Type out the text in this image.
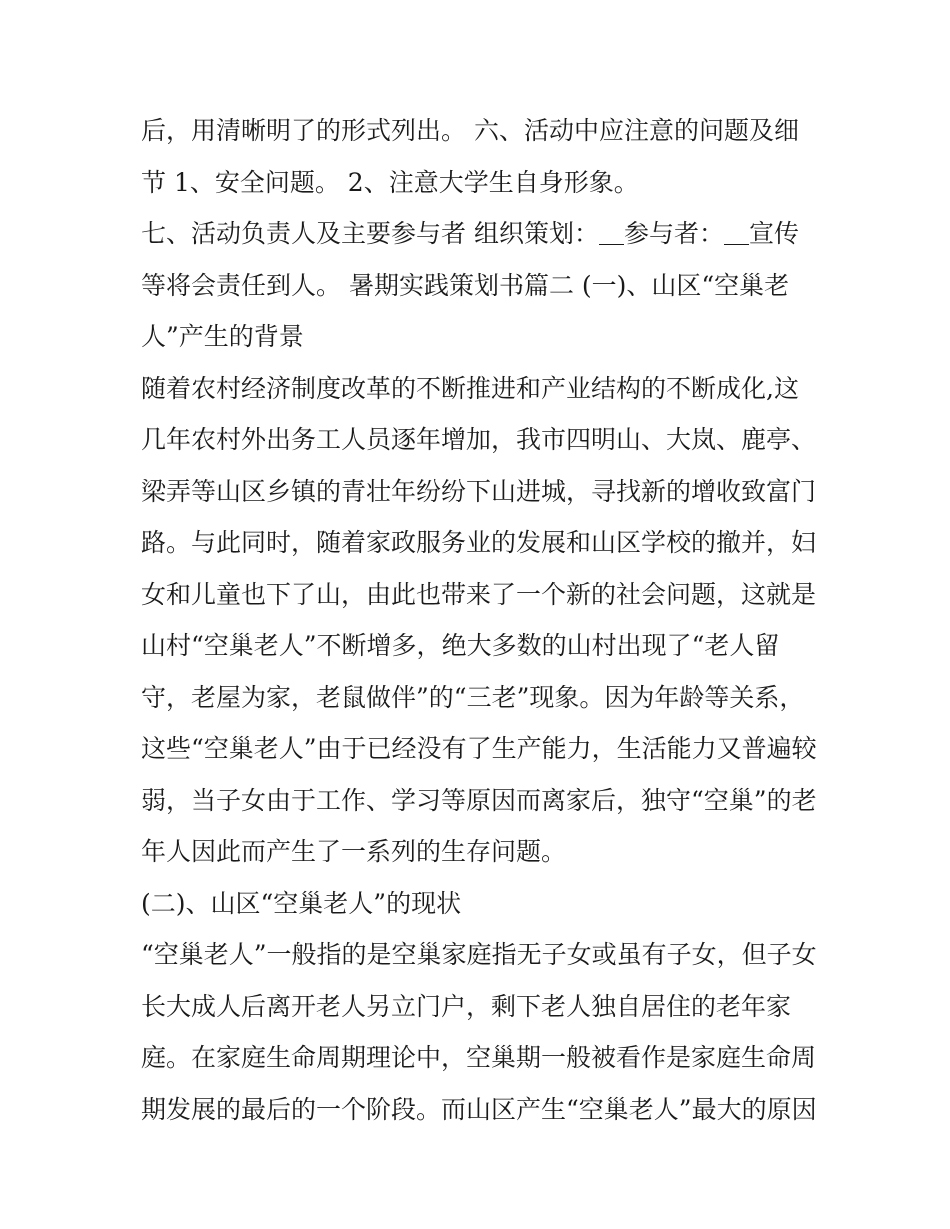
后，用清晰明了的形式列出。 六、活动中应注意的问题及细
节 1、安全问题。 2、注意大学生自身形象。
七、活动负责人及主要参与者 组织策划：＿参与者：＿宣传
等将会责任到人。 暑期实践策划书篇二 (一)、山区“空巢老
人”产生的背景
随着农村经济制度改革的不断推进和产业结构的不断成化,这
几年农村外出务工人员逐年增加，我市四明山、大岚、鹿亭、
梁弄等山区乡镇的青壮年纷纷下山进城，寻找新的增收致富门
路。与此同时，随着家政服务业的发展和山区学校的撤并，妇
女和儿童也下了山，由此也带来了一个新的社会问题，这就是
山村“空巢老人”不断增多，绝大多数的山村出现了“老人留
守，老屋为家，老鼠做伴”的“三老”现象。因为年龄等关系，
这些“空巢老人”由于已经没有了生产能力，生活能力又普遍较
弱，当子女由于工作、学习等原因而离家后，独守“空巢”的老
年人因此而产生了一系列的生存问题。
(二)、山区“空巢老人”的现状
“空巢老人”一般指的是空巢家庭指无子女或虽有子女，但子女
长大成人后离开老人另立门户，剩下老人独自居住的老年家
庭。在家庭生命周期理论中，空巢期一般被看作是家庭生命周
期发展的最后的一个阶段。而山区产生“空巢老人”最大的原因
